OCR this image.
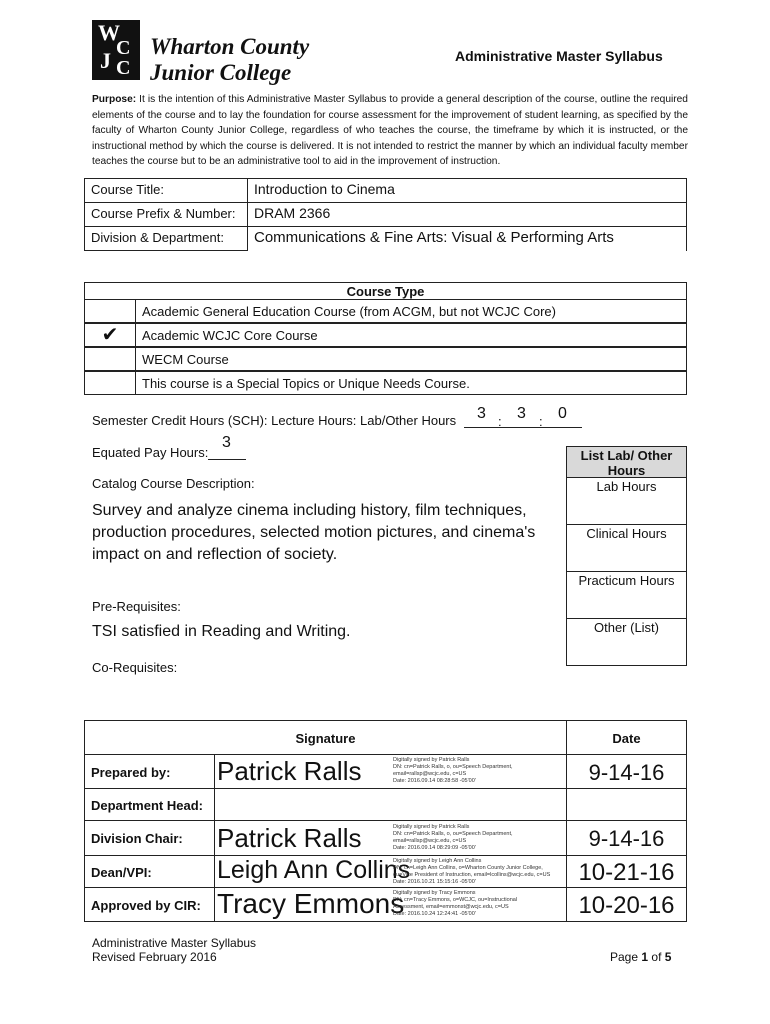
W
C
J C
Wharton County
Junior College
Administrative Master Syllabus
Purpose: It is the intention of this Administrative Master Syllabus to provide a general description of the course, outline the required elements of the course and to lay the foundation for course assessment for the improvement of student learning, as specified by the faculty of Wharton County Junior College, regardless of who teaches the course, the timeframe by which it is instructed, or the instructional method by which the course is delivered. It is not intended to restrict the manner by which an individual faculty member teaches the course but to be an administrative tool to aid in the improvement of instruction.
Course Title:	Introduction to Cinema
Course Prefix & Number:	DRAM 2366
Division & Department:	Communications & Fine Arts: Visual & Performing Arts
Course Type
Academic General Education Course (from ACGM, but not WCJC Core)
✔	Academic WCJC Core Course
WECM Course
This course is a Special Topics or Unique Needs Course.
Semester Credit Hours (SCH): Lecture Hours: Lab/Other Hours 3 : 3 : 0
Equated Pay Hours:
3
Catalog Course Description:
Survey and analyze cinema including history, film techniques, production procedures, selected motion pictures, and cinema's impact on and reflection of society.
Pre-Requisites:
TSI satisfied in Reading and Writing.
Co-Requisites:
List Lab/ Other Hours
Lab Hours
Clinical Hours
Practicum Hours
Other (List)
Signature	Date
Prepared by:	Patrick Ralls	Digitally signed by Patrick Ralls
DN: cn=Patrick Ralls, o, ou=Speech Department,
email=rallsp@wcjc.edu, c=US
Date: 2016.09.14 08:28:58 -05'00'	9-14-16
Department Head:
Division Chair:	Patrick Ralls	Digitally signed by Patrick Ralls
DN: cn=Patrick Ralls, o, ou=Speech Department,
email=rallsp@wcjc.edu, c=US
Date: 2016.09.14 08:29:09 -05'00'	9-14-16
Dean/VPI:	Leigh Ann Collins
Digitally signed by Leigh Ann Collins
DN: cn=Leigh Ann Collins, o=Wharton County Junior College,
ou=Vice President of Instruction, email=lcollins@wcjc.edu, c=US
Date: 2016.10.21 15:15:16 -05'00'	10-21-16
Approved by CIR: Tracy Emmons
Digitally signed by Tracy Emmons
DN: cn=Tracy Emmons, o=WCJC, ou=Instructional
Assessment, email=emmonst@wcjc.edu, c=US
Date: 2016.10.24 12:24:41 -05'00'	10-20-16
Administrative Master Syllabus
Revised February 2016	Page 1 of 5
